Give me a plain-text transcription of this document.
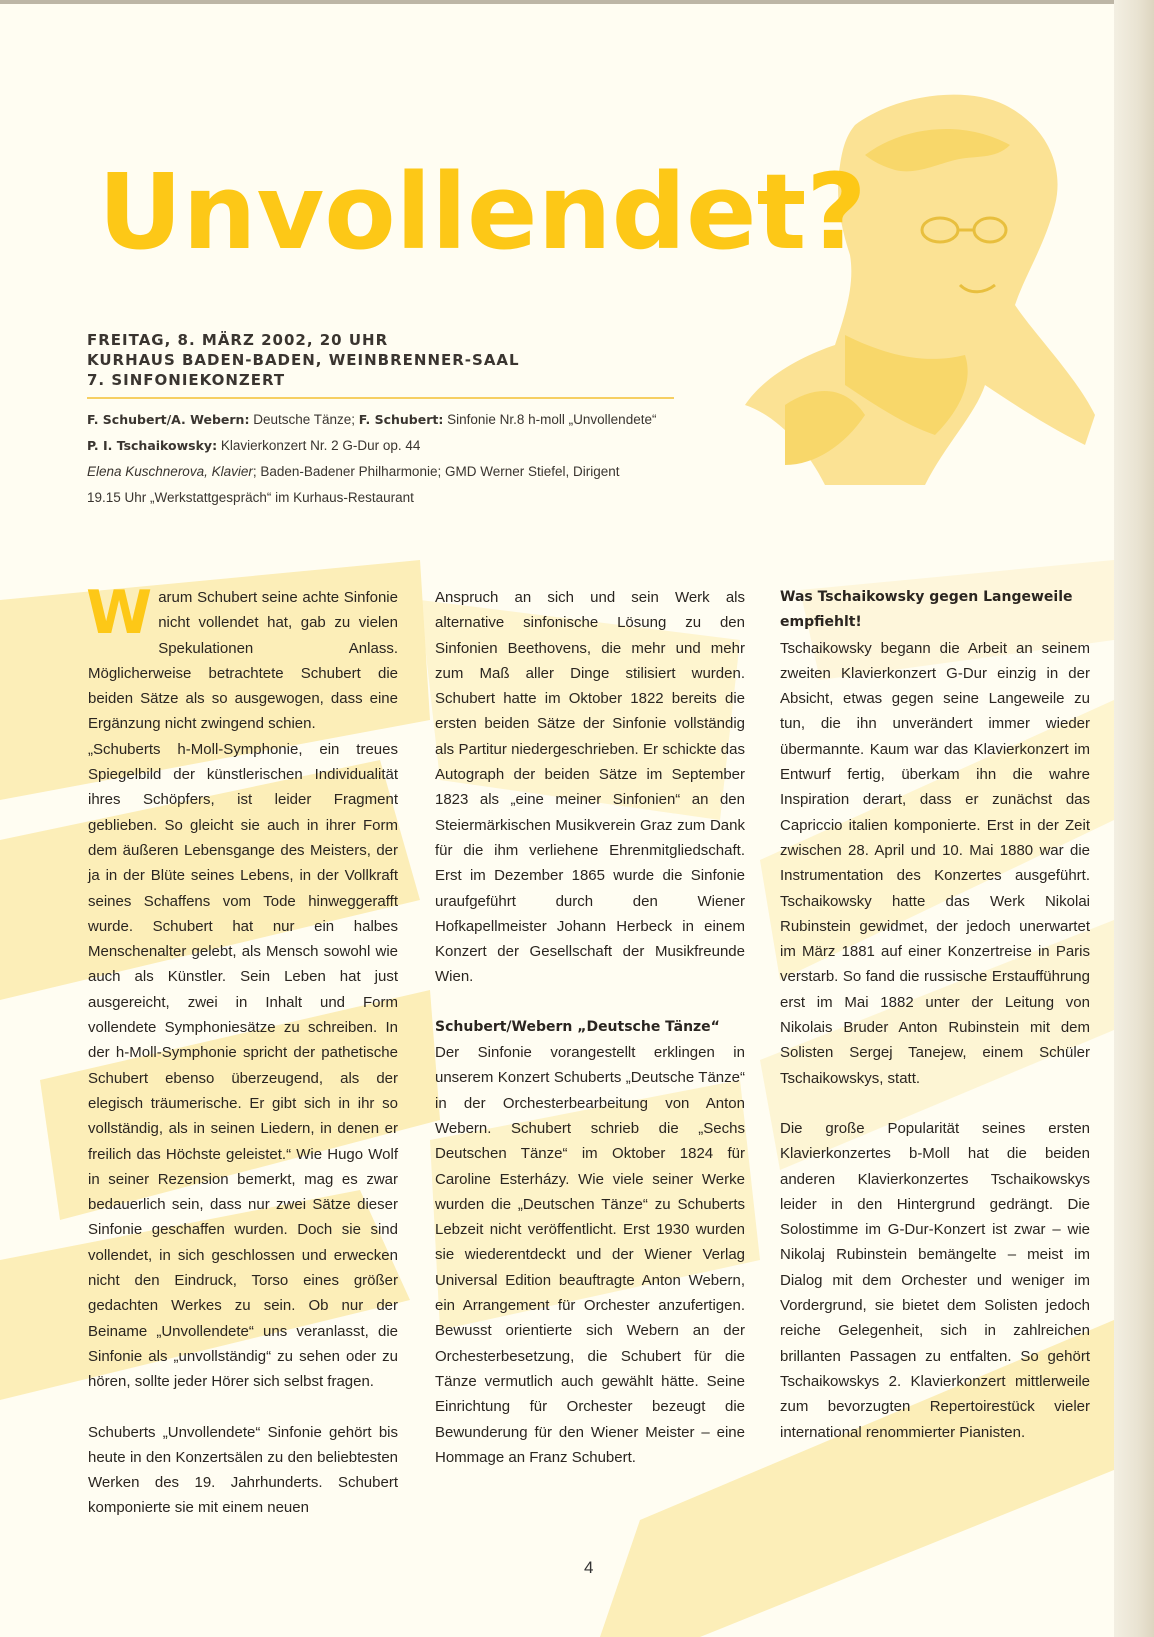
Unvollendet?
FREITAG, 8. MÄRZ 2002, 20 UHR
KURHAUS BADEN-BADEN, WEINBRENNER-SAAL
7. SINFONIEKONZERT
F. Schubert/A. Webern: Deutsche Tänze; F. Schubert: Sinfonie Nr.8 h-moll „Unvollendete“
P. I. Tschaikowsky: Klavierkonzert Nr. 2 G-Dur op. 44
Elena Kuschnerova, Klavier; Baden-Badener Philharmonie; GMD Werner Stiefel, Dirigent
19.15 Uhr „Werkstattgespräch“ im Kurhaus-Restaurant

Warum Schubert seine achte Sinfonie nicht vollendet hat, gab zu vielen Spekulationen Anlass. Möglicherweise betrachtete Schubert die beiden Sätze als so ausgewogen, dass eine Ergänzung nicht zwingend schien.

„Schuberts h-Moll-Symphonie, ein treues Spiegelbild der künstlerischen Individualität ihres Schöpfers, ist leider Fragment geblieben. So gleicht sie auch in ihrer Form dem äußeren Lebensgange des Meisters, der ja in der Blüte seines Lebens, in der Vollkraft seines Schaffens vom Tode hinweggerafft wurde. Schubert hat nur ein halbes Menschenalter gelebt, als Mensch sowohl wie auch als Künstler. Sein Leben hat just ausgereicht, zwei in Inhalt und Form vollendete Symphoniesätze zu schreiben. In der h-Moll-Symphonie spricht der pathetische Schubert ebenso überzeugend, als der elegisch träumerische. Er gibt sich in ihr so vollständig, als in seinen Liedern, in denen er freilich das Höchste geleistet.“ Wie Hugo Wolf in seiner Rezension bemerkt, mag es zwar bedauerlich sein, dass nur zwei Sätze dieser Sinfonie geschaffen wurden. Doch sie sind vollendet, in sich geschlossen und erwecken nicht den Eindruck, Torso eines größer gedachten Werkes zu sein. Ob nur der Beiname „Unvollendete“ uns veranlasst, die Sinfonie als „unvollständig“ zu sehen oder zu hören, sollte jeder Hörer sich selbst fragen.

Schuberts „Unvollendete“ Sinfonie gehört bis heute in den Konzertsälen zu den beliebtesten Werken des 19. Jahrhunderts. Schubert komponierte sie mit einem neuen

Anspruch an sich und sein Werk als alternative sinfonische Lösung zu den Sinfonien Beethovens, die mehr und mehr zum Maß aller Dinge stilisiert wurden. Schubert hatte im Oktober 1822 bereits die ersten beiden Sätze der Sinfonie vollständig als Partitur niedergeschrieben. Er schickte das Autograph der beiden Sätze im September 1823 als „eine meiner Sinfonien“ an den Steiermärkischen Musikverein Graz zum Dank für die ihm verliehene Ehrenmitgliedschaft. Erst im Dezember 1865 wurde die Sinfonie uraufgeführt durch den Wiener Hofkapellmeister Johann Herbeck in einem Konzert der Gesellschaft der Musikfreunde Wien.

Schubert/Webern „Deutsche Tänze“

Der Sinfonie vorangestellt erklingen in unserem Konzert Schuberts „Deutsche Tänze“ in der Orchesterbearbeitung von Anton Webern. Schubert schrieb die „Sechs Deutschen Tänze“ im Oktober 1824 für Caroline Esterházy. Wie viele seiner Werke wurden die „Deutschen Tänze“ zu Schuberts Lebzeit nicht veröffentlicht. Erst 1930 wurden sie wiederentdeckt und der Wiener Verlag Universal Edition beauftragte Anton Webern, ein Arrangement für Orchester anzufertigen. Bewusst orientierte sich Webern an der Orchesterbesetzung, die Schubert für die Tänze vermutlich auch gewählt hätte. Seine Einrichtung für Orchester bezeugt die Bewunderung für den Wiener Meister – eine Hommage an Franz Schubert.

Was Tschaikowsky gegen Langeweile empfiehlt!

Tschaikowsky begann die Arbeit an seinem zweiten Klavierkonzert G-Dur einzig in der Absicht, etwas gegen seine Langeweile zu tun, die ihn unverändert immer wieder übermannte. Kaum war das Klavierkonzert im Entwurf fertig, überkam ihn die wahre Inspiration derart, dass er zunächst das Capriccio italien komponierte. Erst in der Zeit zwischen 28. April und 10. Mai 1880 war die Instrumentation des Konzertes ausgeführt. Tschaikowsky hatte das Werk Nikolai Rubinstein gewidmet, der jedoch unerwartet im März 1881 auf einer Konzertreise in Paris verstarb. So fand die russische Erstaufführung erst im Mai 1882 unter der Leitung von Nikolais Bruder Anton Rubinstein mit dem Solisten Sergej Tanejew, einem Schüler Tschaikowskys, statt.

Die große Popularität seines ersten Klavierkonzertes b-Moll hat die beiden anderen Klavierkonzertes Tschaikowskys leider in den Hintergrund gedrängt. Die Solostimme im G-Dur-Konzert ist zwar – wie Nikolaj Rubinstein bemängelte – meist im Dialog mit dem Orchester und weniger im Vordergrund, sie bietet dem Solisten jedoch reiche Gelegenheit, sich in zahlreichen brillanten Passagen zu entfalten. So gehört Tschaikowskys 2. Klavierkonzert mittlerweile zum bevorzugten Repertoirestück vieler international renommierter Pianisten.

4
